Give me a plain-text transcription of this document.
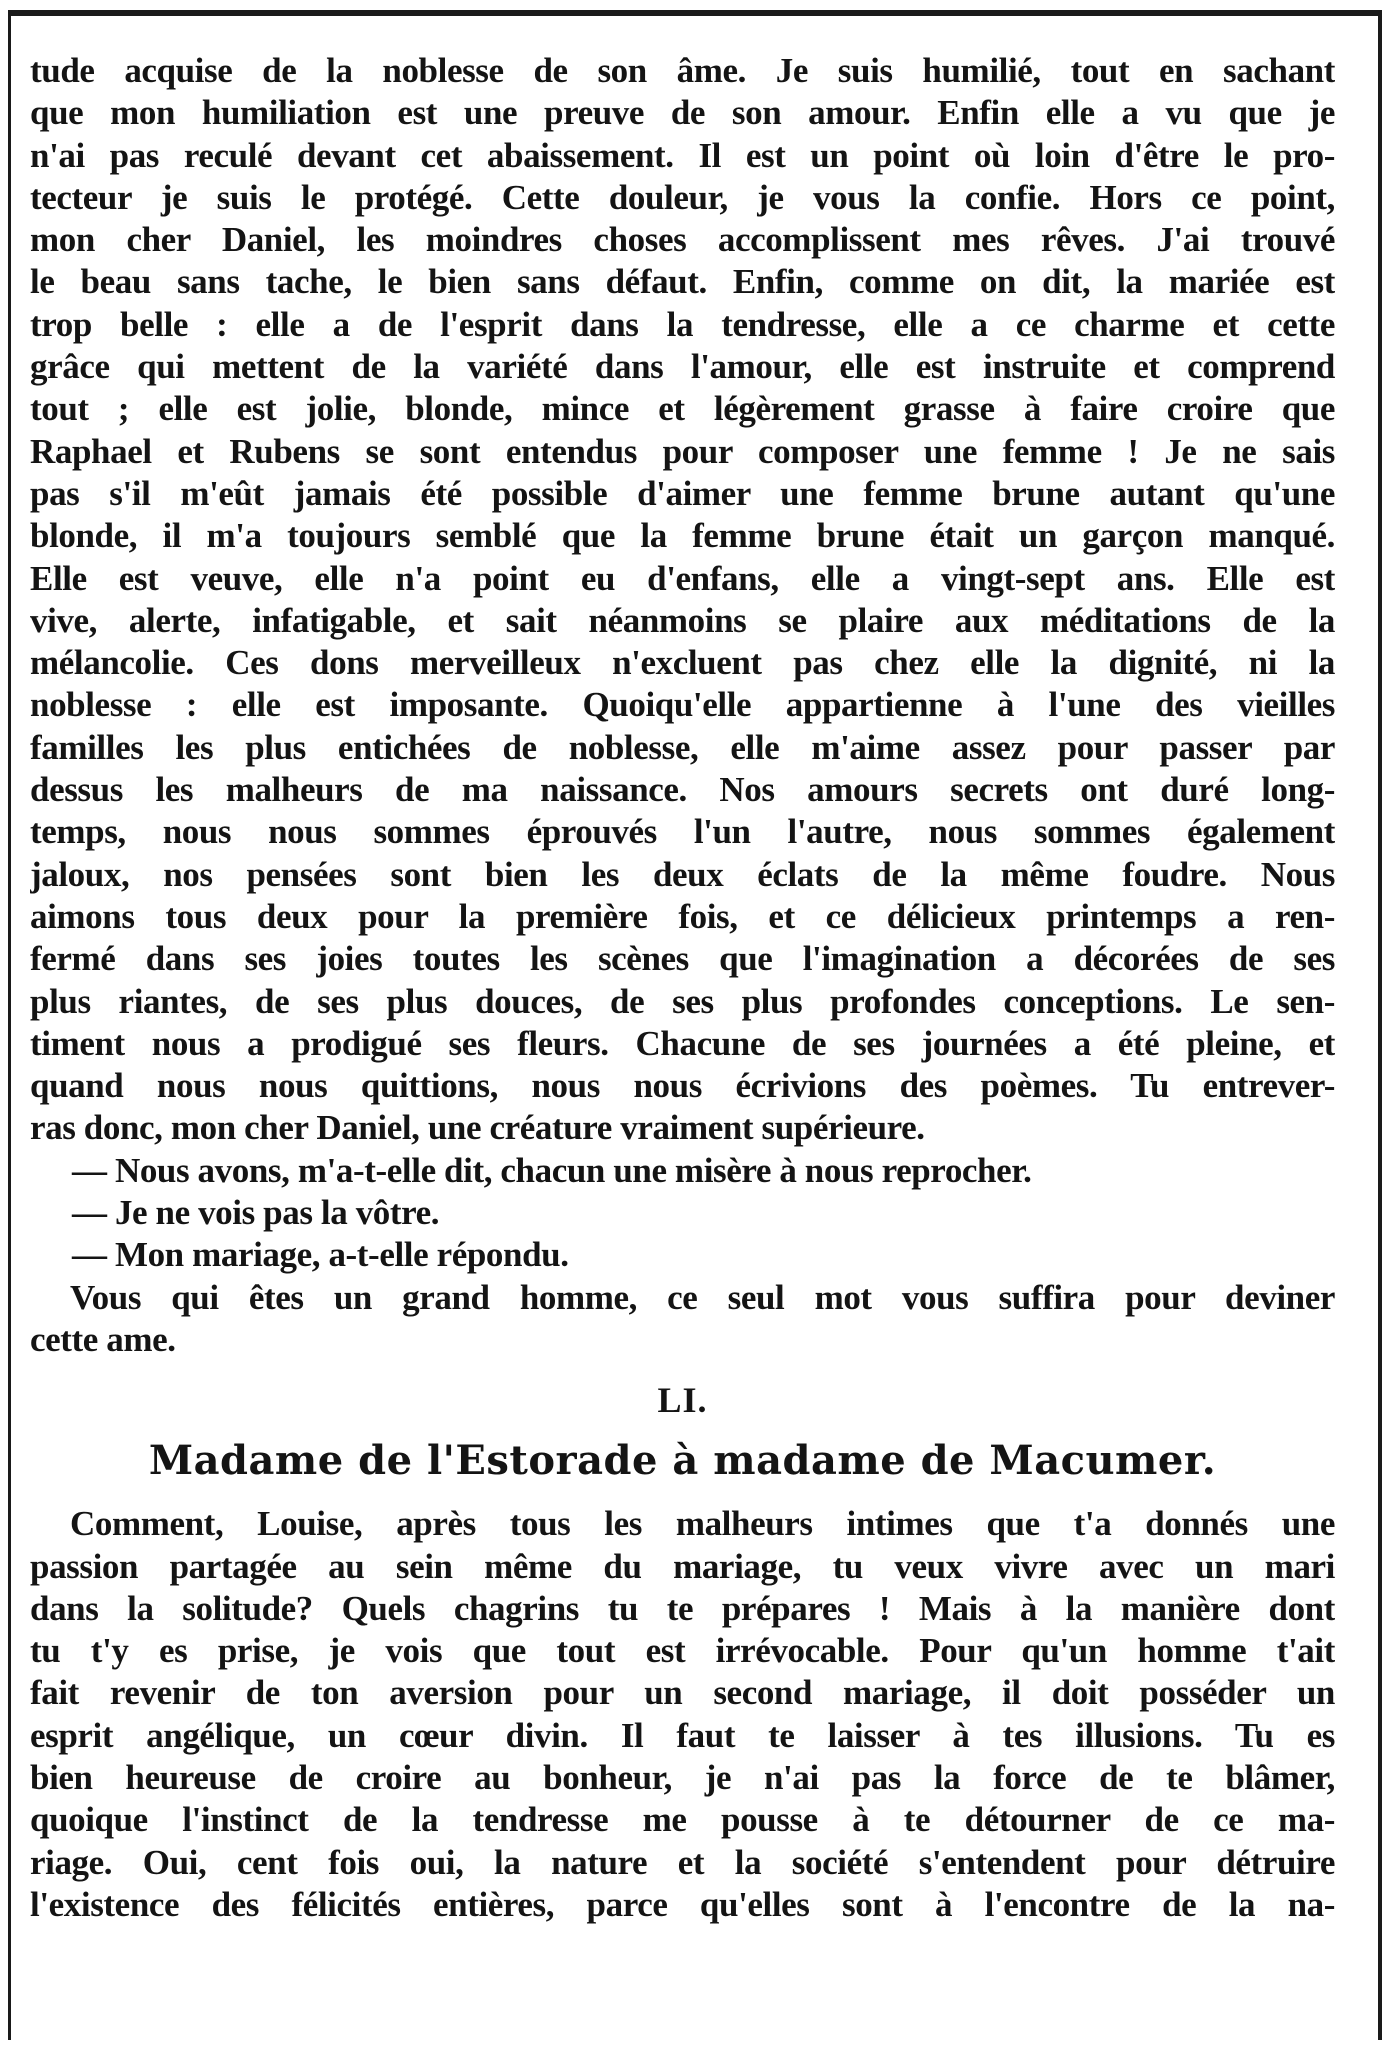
tude acquise de la noblesse de son âme. Je suis humilié, tout en sachant
que mon humiliation est une preuve de son amour. Enfin elle a vu que je
n'ai pas reculé devant cet abaissement. Il est un point où loin d'être le pro-
tecteur je suis le protégé. Cette douleur, je vous la confie. Hors ce point,
mon cher Daniel, les moindres choses accomplissent mes rêves. J'ai trouvé
le beau sans tache, le bien sans défaut. Enfin, comme on dit, la mariée est
trop belle : elle a de l'esprit dans la tendresse, elle a ce charme et cette
grâce qui mettent de la variété dans l'amour, elle est instruite et comprend
tout ; elle est jolie, blonde, mince et légèrement grasse à faire croire que
Raphael et Rubens se sont entendus pour composer une femme ! Je ne sais
pas s'il m'eût jamais été possible d'aimer une femme brune autant qu'une
blonde, il m'a toujours semblé que la femme brune était un garçon manqué.
Elle est veuve, elle n'a point eu d'enfans, elle a vingt-sept ans. Elle est
vive, alerte, infatigable, et sait néanmoins se plaire aux méditations de la
mélancolie. Ces dons merveilleux n'excluent pas chez elle la dignité, ni la
noblesse : elle est imposante. Quoiqu'elle appartienne à l'une des vieilles
familles les plus entichées de noblesse, elle m'aime assez pour passer par
dessus les malheurs de ma naissance. Nos amours secrets ont duré long-
temps, nous nous sommes éprouvés l'un l'autre, nous sommes également
jaloux, nos pensées sont bien les deux éclats de la même foudre. Nous
aimons tous deux pour la première fois, et ce délicieux printemps a ren-
fermé dans ses joies toutes les scènes que l'imagination a décorées de ses
plus riantes, de ses plus douces, de ses plus profondes conceptions. Le sen-
timent nous a prodigué ses fleurs. Chacune de ses journées a été pleine, et
quand nous nous quittions, nous nous écrivions des poèmes. Tu entrever-
ras donc, mon cher Daniel, une créature vraiment supérieure.
— Nous avons, m'a-t-elle dit, chacun une misère à nous reprocher.
— Je ne vois pas la vôtre.
— Mon mariage, a-t-elle répondu.
Vous qui êtes un grand homme, ce seul mot vous suffira pour deviner
cette ame.
LI.
Madame de l'Estorade à madame de Macumer.
Comment, Louise, après tous les malheurs intimes que t'a donnés une
passion partagée au sein même du mariage, tu veux vivre avec un mari
dans la solitude? Quels chagrins tu te prépares ! Mais à la manière dont
tu t'y es prise, je vois que tout est irrévocable. Pour qu'un homme t'ait
fait revenir de ton aversion pour un second mariage, il doit posséder un
esprit angélique, un cœur divin. Il faut te laisser à tes illusions. Tu es
bien heureuse de croire au bonheur, je n'ai pas la force de te blâmer,
quoique l'instinct de la tendresse me pousse à te détourner de ce ma-
riage. Oui, cent fois oui, la nature et la société s'entendent pour détruire
l'existence des félicités entières, parce qu'elles sont à l'encontre de la na-
